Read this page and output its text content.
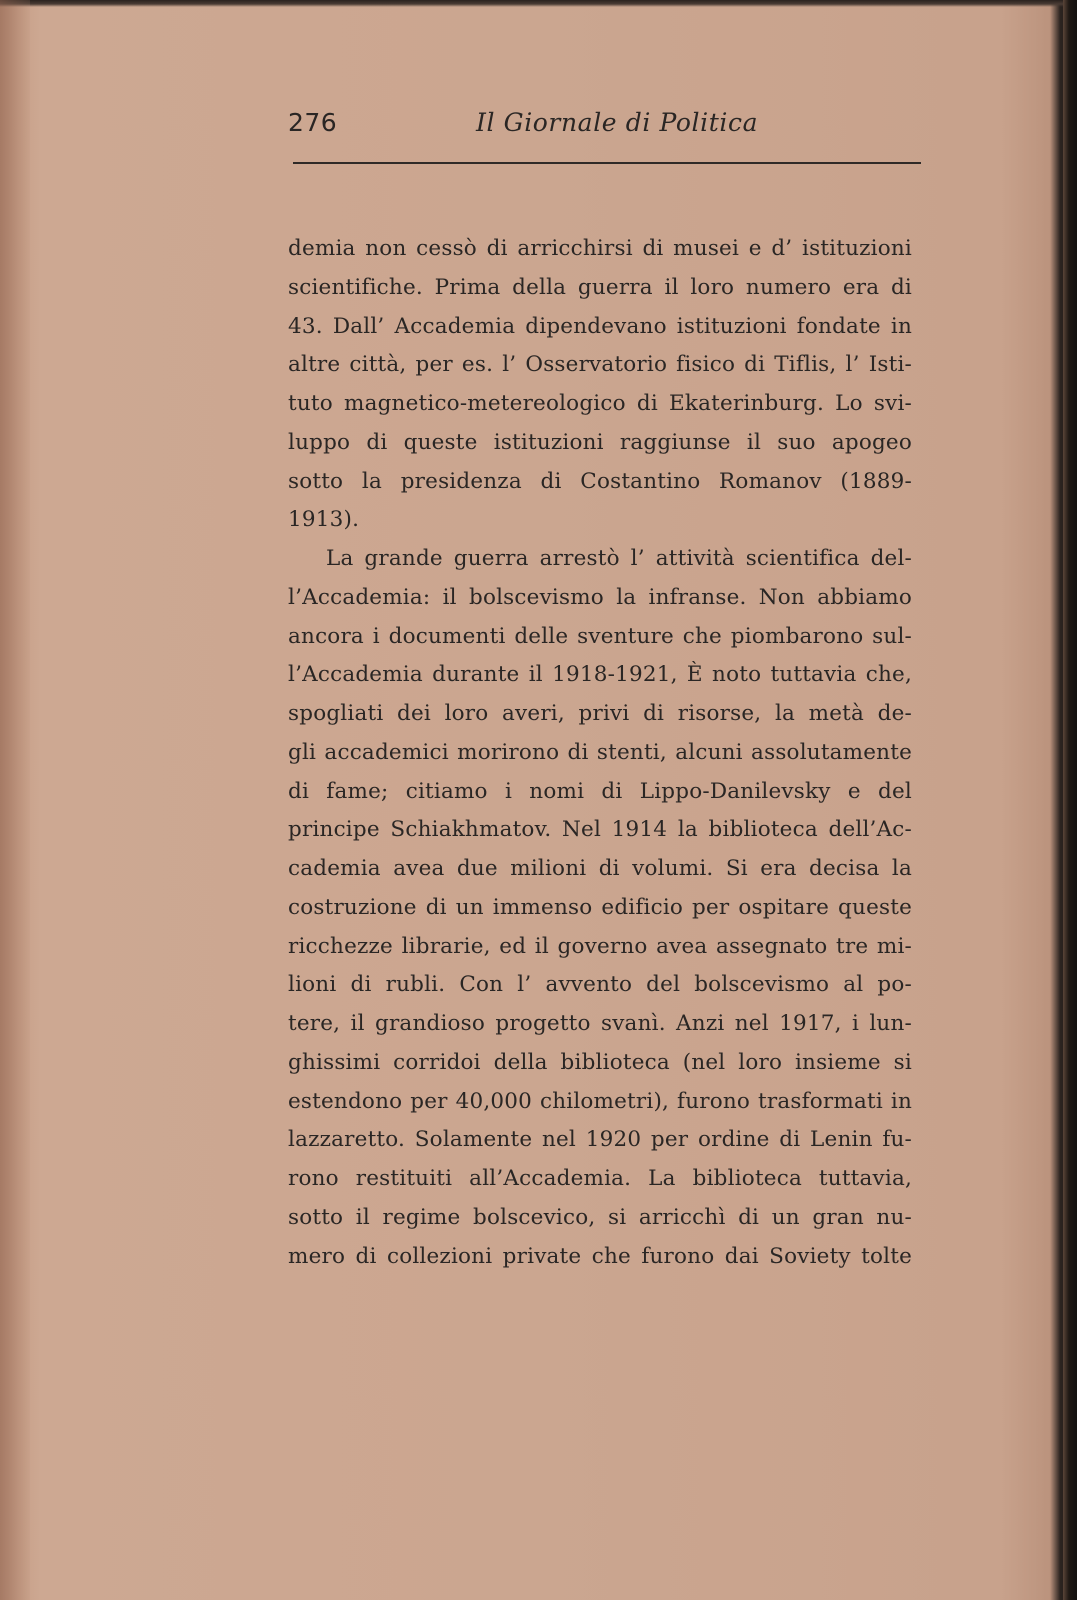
276	Il Giornale di Politica
demia non cessò di arricchirsi di musei e d’ istituzioni
scientifiche. Prima della guerra il loro numero era di
43. Dall’ Accademia dipendevano istituzioni fondate in
altre città, per es. l’ Osservatorio fisico di Tiflis, l’ Isti-
tuto magnetico-metereologico di Ekaterinburg. Lo svi-
luppo di queste istituzioni raggiunse il suo apogeo
sotto la presidenza di Costantino Romanov (1889-
1913).
La grande guerra arrestò l’ attività scientifica del-
l’Accademia: il bolscevismo la infranse. Non abbiamo
ancora i documenti delle sventure che piombarono sul-
l’Accademia durante il 1918-1921, È noto tuttavia che,
spogliati dei loro averi, privi di risorse, la metà de-
gli accademici morirono di stenti, alcuni assolutamente
di fame; citiamo i nomi di Lippo-Danilevsky e del
principe Schiakhmatov. Nel 1914 la biblioteca dell’Ac-
cademia avea due milioni di volumi. Si era decisa la
costruzione di un immenso edificio per ospitare queste
ricchezze librarie, ed il governo avea assegnato tre mi-
lioni di rubli. Con l’ avvento del bolscevismo al po-
tere, il grandioso progetto svanì. Anzi nel 1917, i lun-
ghissimi corridoi della biblioteca (nel loro insieme si
estendono per 40,000 chilometri), furono trasformati in
lazzaretto. Solamente nel 1920 per ordine di Lenin fu-
rono restituiti all’Accademia. La biblioteca tuttavia,
sotto il regime bolscevico, si arricchì di un gran nu-
mero di collezioni private che furono dai Soviety tolte
